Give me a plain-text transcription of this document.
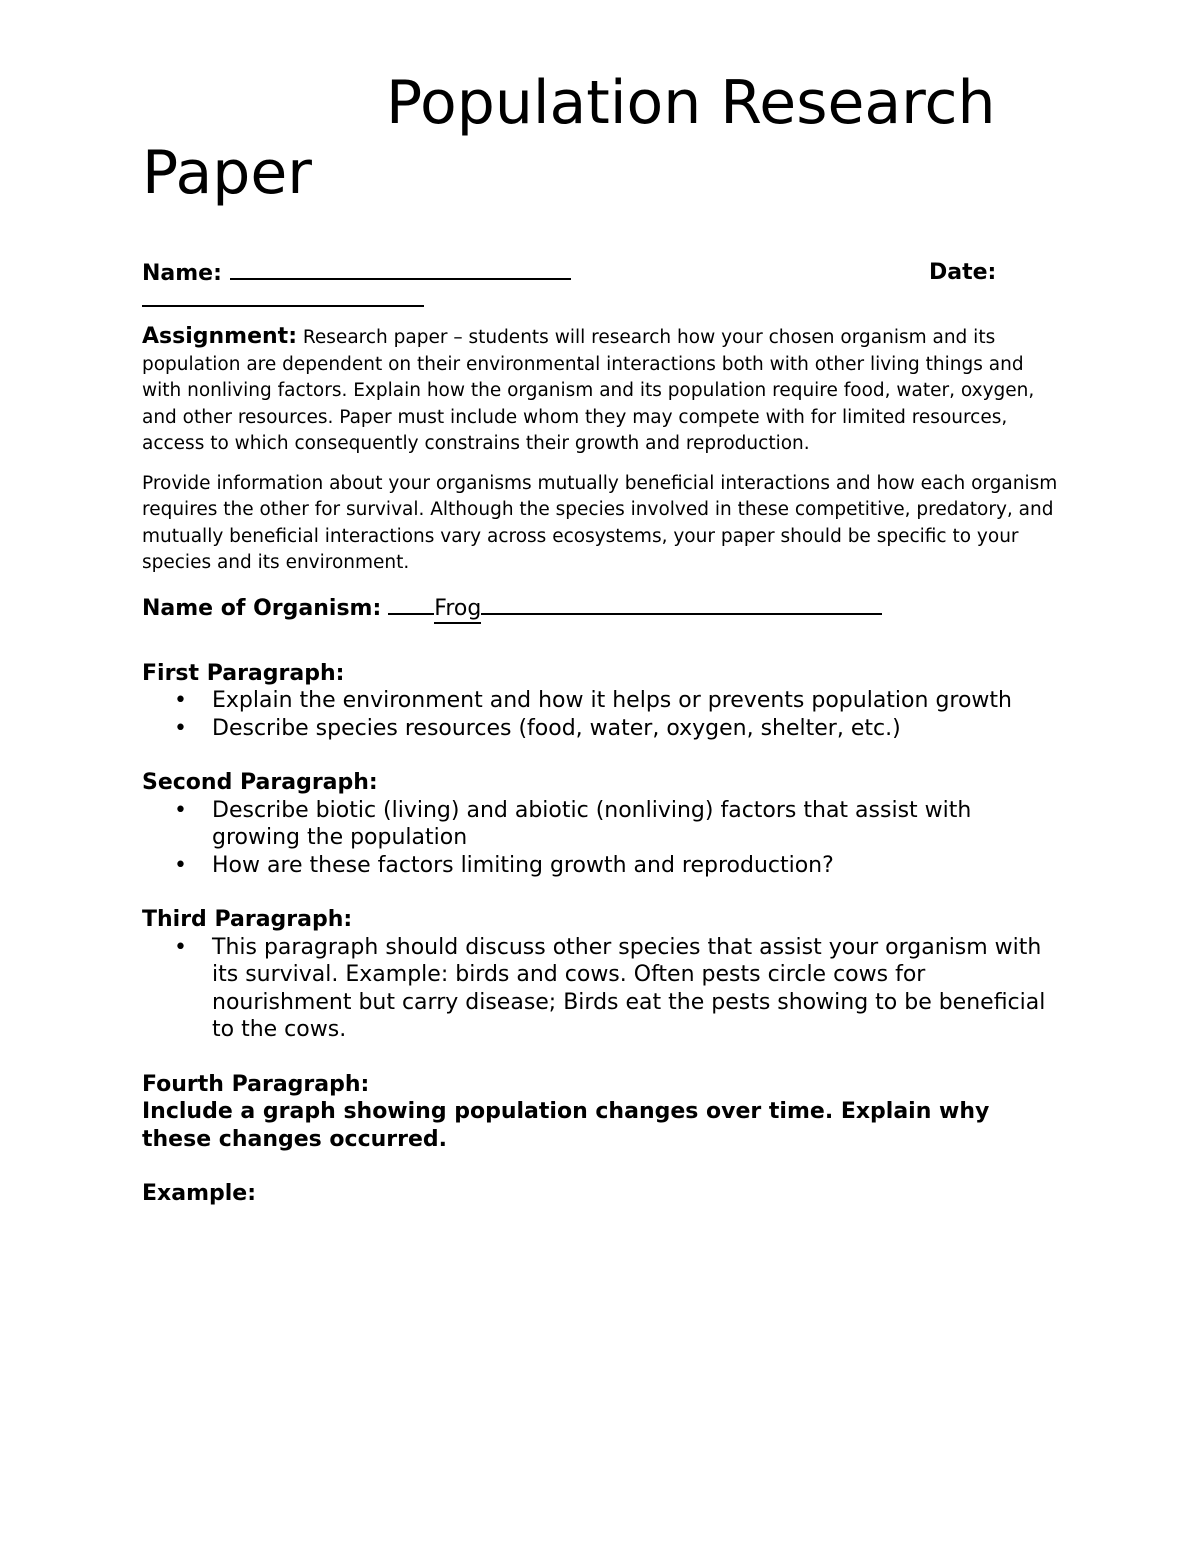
Population Research
Paper
Name:	Date:

Assignment: Research paper – students will research how your chosen organism and its population are dependent on their environmental interactions both with other living things and with nonliving factors. Explain how the organism and its population require food, water, oxygen, and other resources. Paper must include whom they may compete with for limited resources, access to which consequently constrains their growth and reproduction.

Provide information about your organisms mutually beneficial interactions and how each organism requires the other for survival. Although the species involved in these competitive, predatory, and mutually beneficial interactions vary across ecosystems, your paper should be specific to your species and its environment.

Name of Organism: Frog

First Paragraph:

• Explain the environment and how it helps or prevents population growth
• Describe species resources (food, water, oxygen, shelter, etc.)

Second Paragraph:

• Describe biotic (living) and abiotic (nonliving) factors that assist with growing the population
• How are these factors limiting growth and reproduction?

Third Paragraph:

• This paragraph should discuss other species that assist your organism with its survival. Example: birds and cows. Often pests circle cows for nourishment but carry disease; Birds eat the pests showing to be beneficial to the cows.

Fourth Paragraph:

Include a graph showing population changes over time. Explain why these changes occurred.

Example:
